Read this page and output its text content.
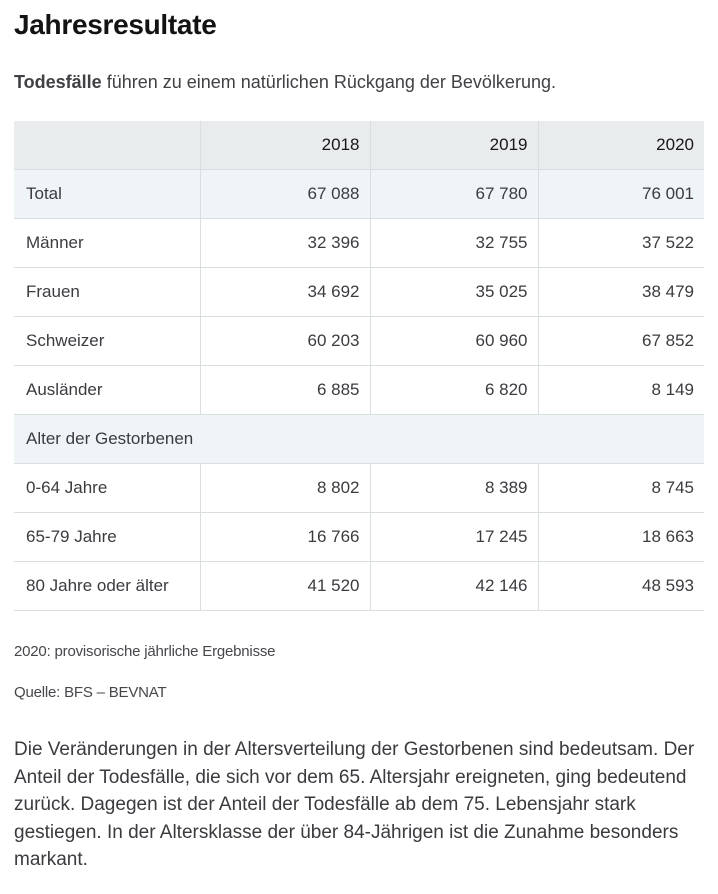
Jahresresultate

Todesfälle führen zu einem natürlichen Rückgang der Bevölkerung.

	2018	2019	2020
Total	67 088	67 780	76 001
Männer	32 396	32 755	37 522
Frauen	34 692	35 025	38 479
Schweizer	60 203	60 960	67 852
Ausländer	6 885	6 820	8 149
Alter der Gestorbenen			
0-64 Jahre	8 802	8 389	8 745
65-79 Jahre	16 766	17 245	18 663
80 Jahre oder älter	41 520	42 146	48 593

2020: provisorische jährliche Ergebnisse

Quelle: BFS – BEVNAT

Die Veränderungen in der Altersverteilung der Gestorbenen sind bedeutsam. Der Anteil der Todesfälle, die sich vor dem 65. Altersjahr ereigneten, ging bedeutend zurück. Dagegen ist der Anteil der Todesfälle ab dem 75. Lebensjahr stark gestiegen. In der Altersklasse der über 84-Jährigen ist die Zunahme besonders markant.
